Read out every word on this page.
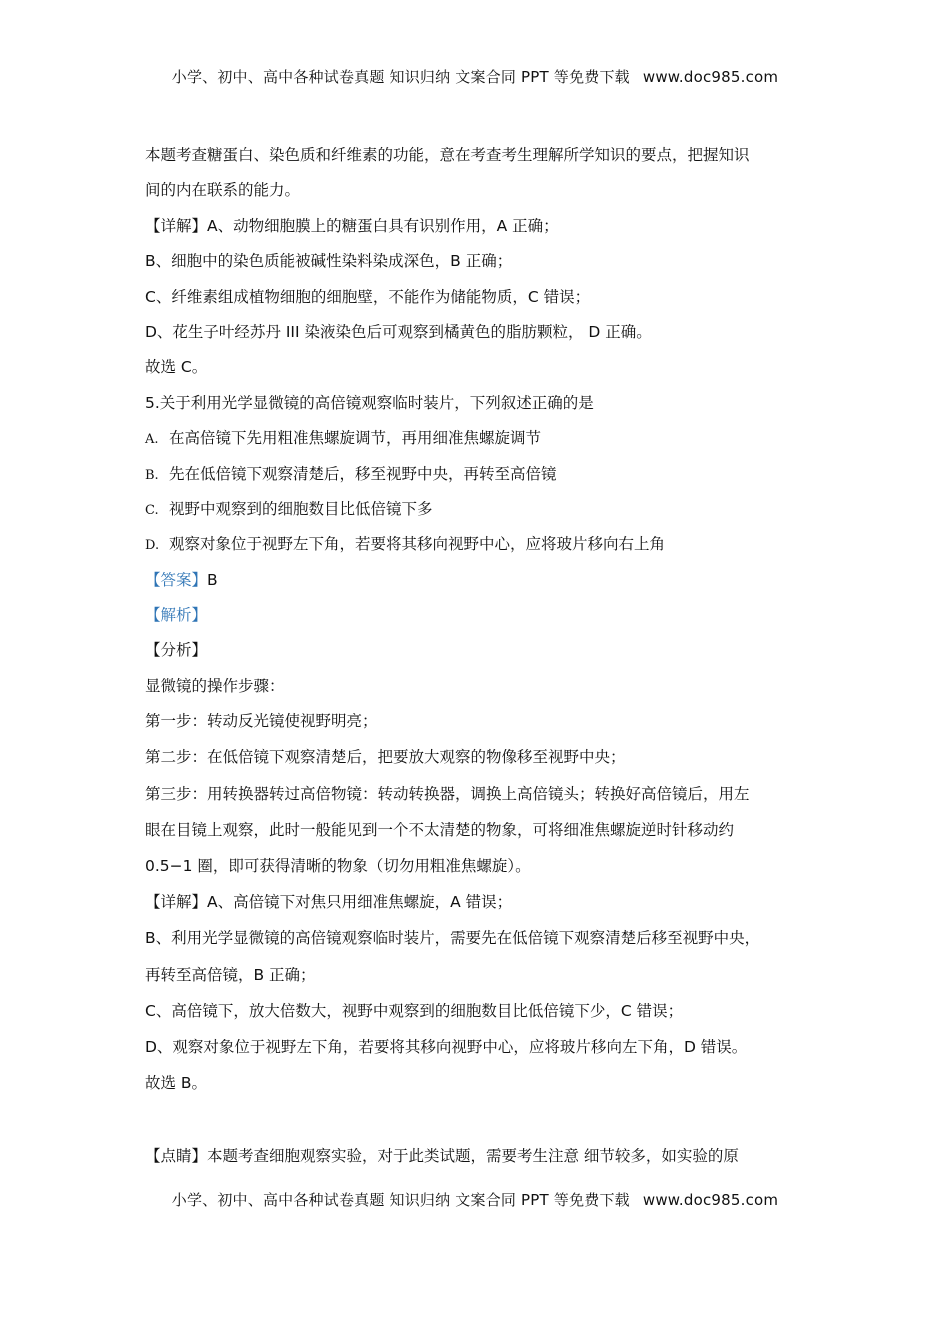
小学、初中、高中各种试卷真题 知识归纳 文案合同 PPT 等免费下载 www.doc985.com
本题考查糖蛋白、染色质和纤维素的功能，意在考查考生理解所学知识的要点，把握知识
间的内在联系的能力。
【详解】A、动物细胞膜上的糖蛋白具有识别作用，A 正确；
B、细胞中的染色质能被碱性染料染成深色，B 正确；
C、纤维素组成植物细胞的细胞壁，不能作为储能物质，C 错误；
D、花生子叶经苏丹 III 染液染色后可观察到橘黄色的脂肪颗粒， D 正确。
故选 C。
5.关于利用光学显微镜的高倍镜观察临时装片，下列叙述正确的是
A. 在高倍镜下先用粗准焦螺旋调节，再用细准焦螺旋调节
B. 先在低倍镜下观察清楚后，移至视野中央，再转至高倍镜
C. 视野中观察到的细胞数目比低倍镜下多
D. 观察对象位于视野左下角，若要将其移向视野中心，应将玻片移向右上角
【答案】B
【解析】
【分析】
显微镜的操作步骤：
第一步：转动反光镜使视野明亮；
第二步：在低倍镜下观察清楚后，把要放大观察的物像移至视野中央；
第三步：用转换器转过高倍物镜：转动转换器，调换上高倍镜头；转换好高倍镜后，用左
眼在目镜上观察，此时一般能见到一个不太清楚的物象，可将细准焦螺旋逆时针移动约
0.5−1 圈，即可获得清晰的物象（切勿用粗准焦螺旋）。
【详解】A、高倍镜下对焦只用细准焦螺旋，A 错误；
B、利用光学显微镜的高倍镜观察临时装片，需要先在低倍镜下观察清楚后移至视野中央，
再转至高倍镜，B 正确；
C、高倍镜下，放大倍数大，视野中观察到的细胞数目比低倍镜下少，C 错误；
D、观察对象位于视野左下角，若要将其移向视野中心，应将玻片移向左下角，D 错误。
故选 B。
【点睛】本题考查细胞观察实验，对于此类试题，需要考生注意 细节较多，如实验的原
小学、初中、高中各种试卷真题 知识归纳 文案合同 PPT 等免费下载 www.doc985.com
